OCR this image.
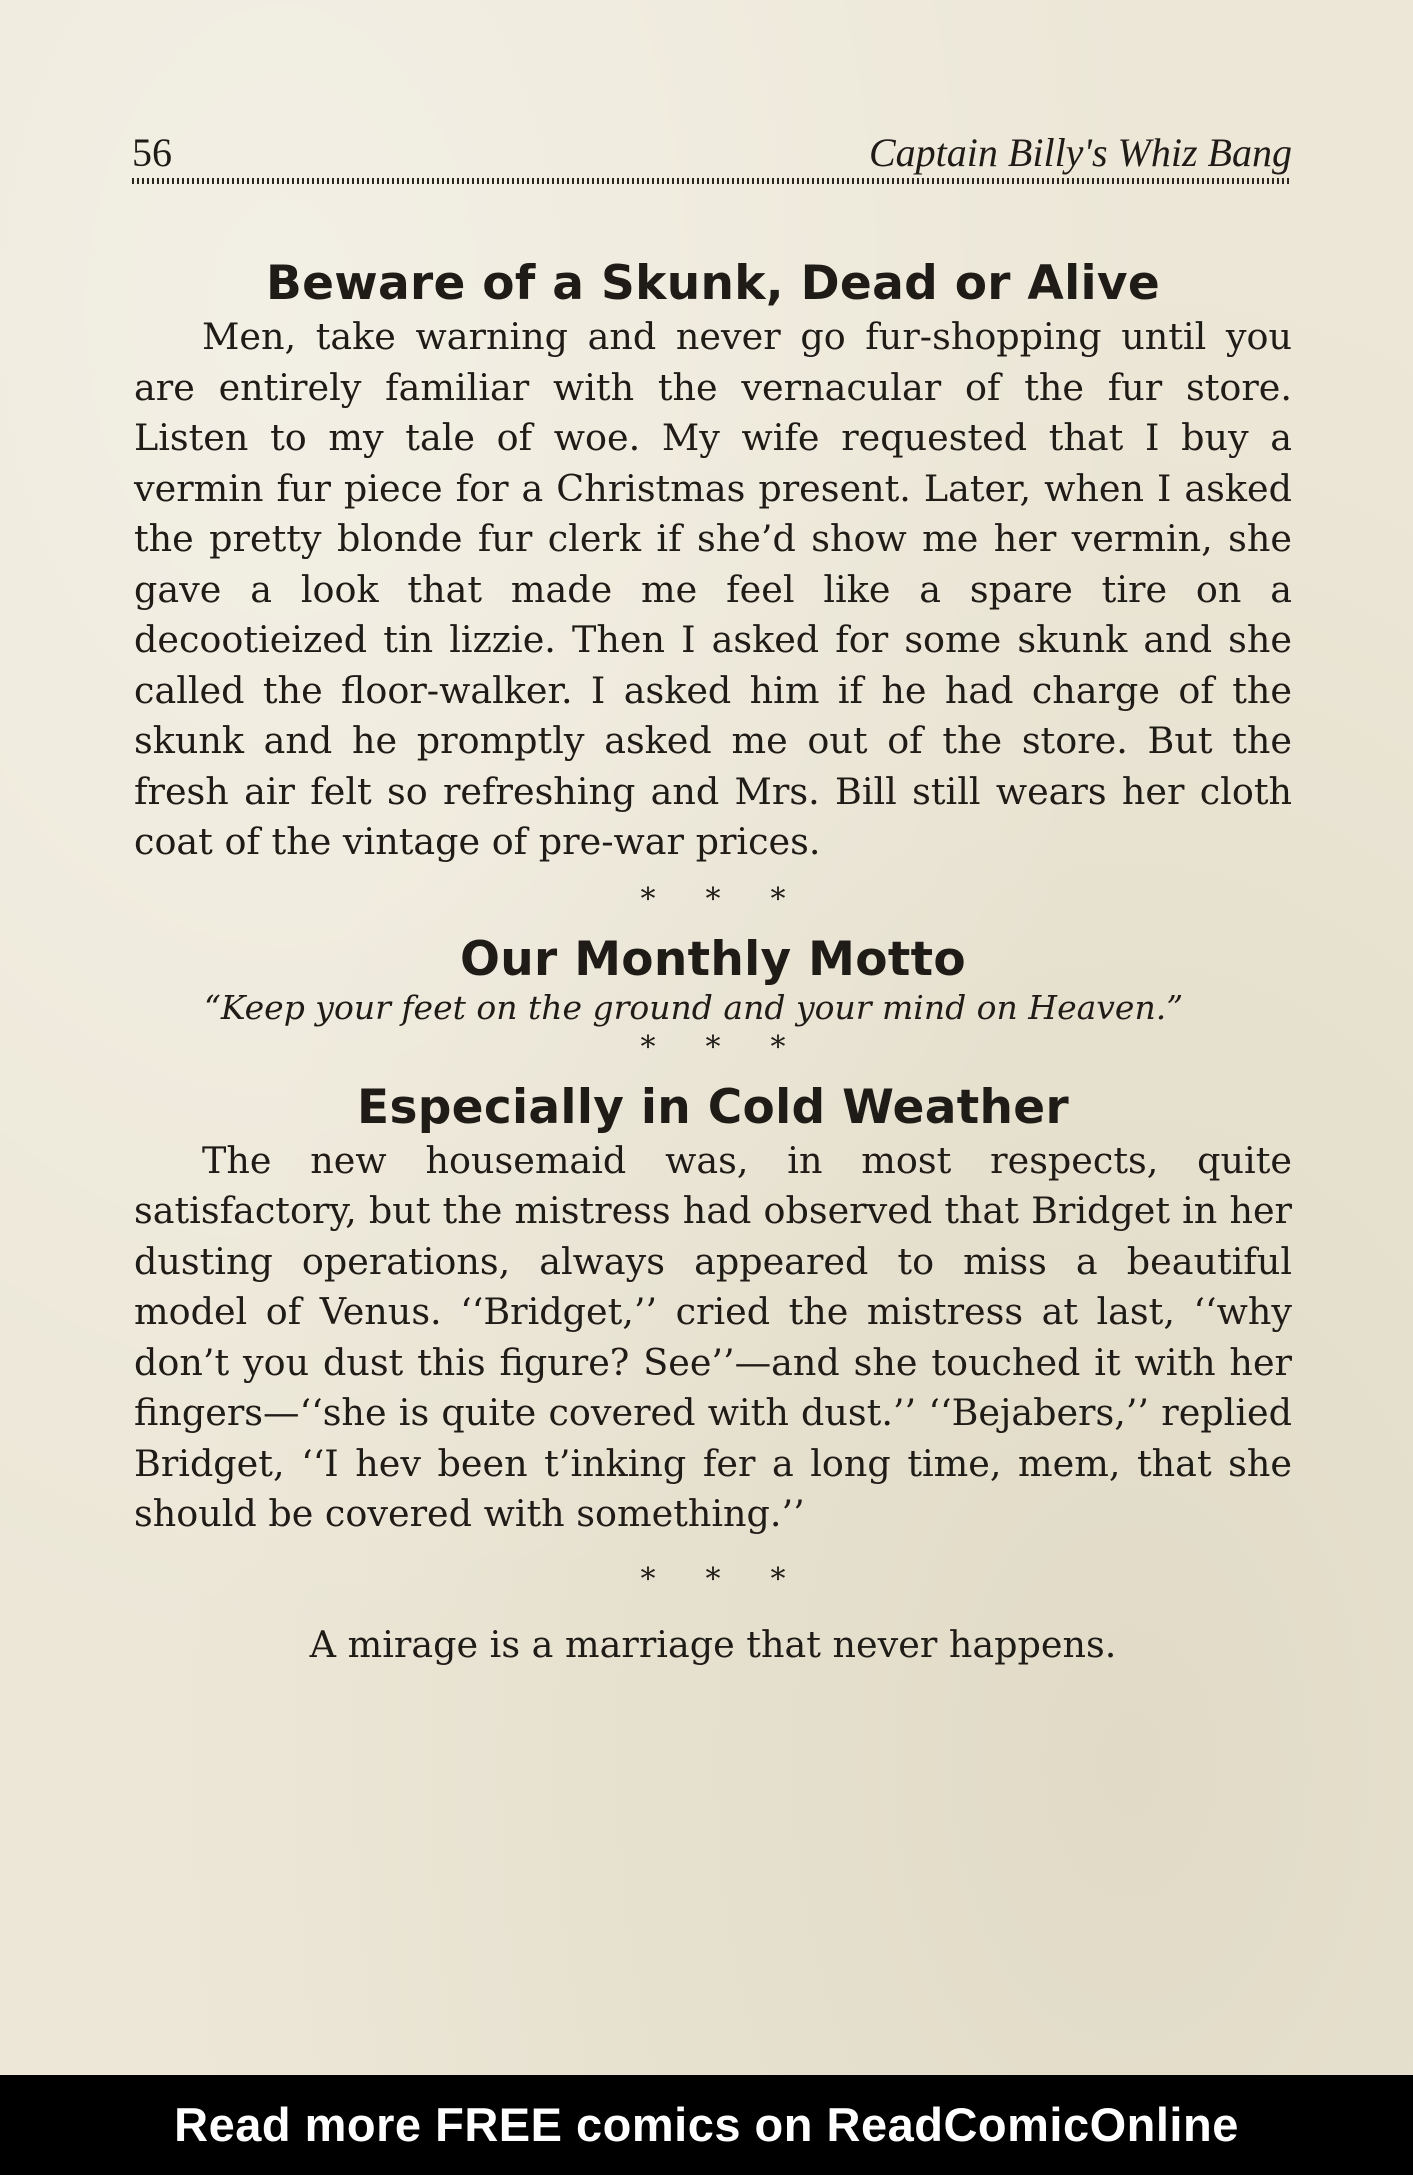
56	Captain Billy's Whiz Bang
Beware of a Skunk, Dead or Alive

Men, take warning and never go fur-shopping until you are entirely familiar with the vernacular of the fur store. Listen to my tale of woe. My wife requested that I buy a vermin fur piece for a Christmas present. Later, when I asked the pretty blonde fur clerk if she’d show me her vermin, she gave a look that made me feel like a spare tire on a decootieized tin lizzie. Then I asked for some skunk and she called the floor-walker. I asked him if he had charge of the skunk and he promptly asked me out of the store. But the fresh air felt so refreshing and Mrs. Bill still wears her cloth coat of the vintage of pre-war prices.

***
Our Monthly Motto

“Keep your feet on the ground and your mind on Heaven.”

***
Especially in Cold Weather

The new housemaid was, in most respects, quite satisfactory, but the mistress had observed that Bridget in her dusting operations, always appeared to miss a beautiful model of Venus. ‘‘Bridget,’’ cried the mistress at last, ‘‘why don’t you dust this figure? See’’—and she touched it with her fingers—‘‘she is quite covered with dust.’’ ‘‘Bejabers,’’ replied Bridget, ‘‘I hev been t’inking fer a long time, mem, that she should be covered with something.’’

***

A mirage is a marriage that never happens.

Read more FREE comics on ReadComicOnline
